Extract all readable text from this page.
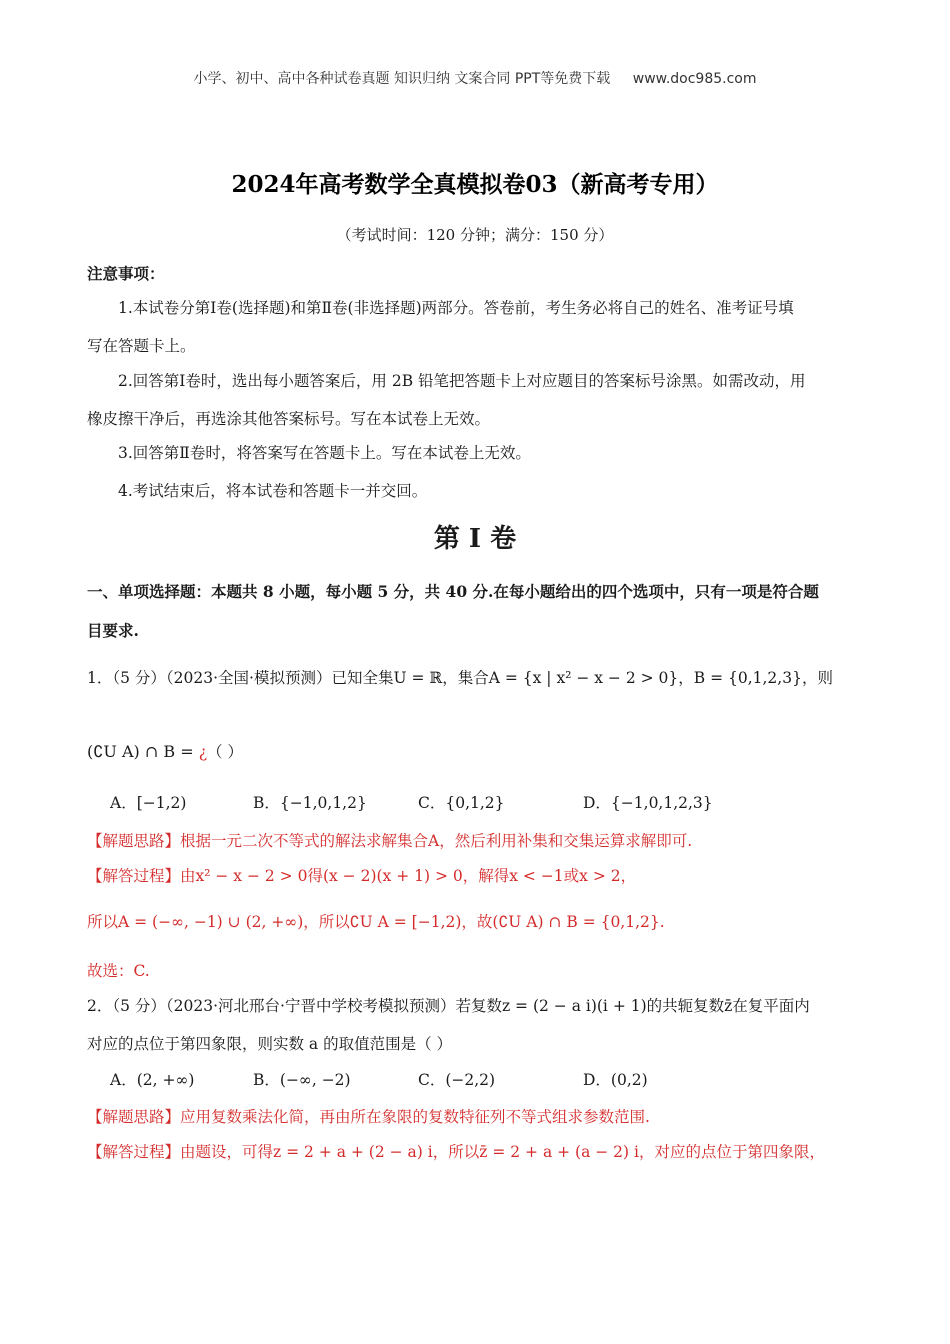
小学、初中、高中各种试卷真题 知识归纳 文案合同 PPT等免费下载 www.doc985.com
2024年高考数学全真模拟卷03（新高考专用）
（考试时间：120 分钟；满分：150 分）
注意事项：
1.本试卷分第Ⅰ卷(选择题)和第Ⅱ卷(非选择题)两部分。答卷前，考生务必将自己的姓名、准考证号填
写在答题卡上。
2.回答第Ⅰ卷时，选出每小题答案后，用 2B 铅笔把答题卡上对应题目的答案标号涂黑。如需改动，用
橡皮擦干净后，再选涂其他答案标号。写在本试卷上无效。
3.回答第Ⅱ卷时，将答案写在答题卡上。写在本试卷上无效。
4.考试结束后，将本试卷和答题卡一并交回。
第 I 卷
一、单项选择题：本题共 8 小题，每小题 5 分，共 40 分.在每小题给出的四个选项中，只有一项是符合题
目要求.
1．（5 分）（2023·全国·模拟预测）已知全集U = ℝ，集合A = {x | x² − x − 2 > 0}，B = {0,1,2,3}，则
(∁U A) ∩ B = ¿（ ）
A．[−1,2)	B．{−1,0,1,2}	C．{0,1,2}	D．{−1,0,1,2,3}
【解题思路】根据一元二次不等式的解法求解集合A，然后利用补集和交集运算求解即可.
【解答过程】由x² − x − 2 > 0得(x − 2)(x + 1) > 0，解得x < −1或x > 2，
所以A = (−∞, −1) ∪ (2, +∞)，所以∁U A = [−1,2)，故(∁U A) ∩ B = {0,1,2}.
故选：C.
2．（5 分）（2023·河北邢台·宁晋中学校考模拟预测）若复数z = (2 − a i)(i + 1)的共轭复数z̄在复平面内
对应的点位于第四象限，则实数 a 的取值范围是（ ）
A．(2, +∞)	B．(−∞, −2)	C．(−2,2)	D．(0,2)
【解题思路】应用复数乘法化简，再由所在象限的复数特征列不等式组求参数范围.
【解答过程】由题设，可得z = 2 + a + (2 − a) i，所以z̄ = 2 + a + (a − 2) i，对应的点位于第四象限，
